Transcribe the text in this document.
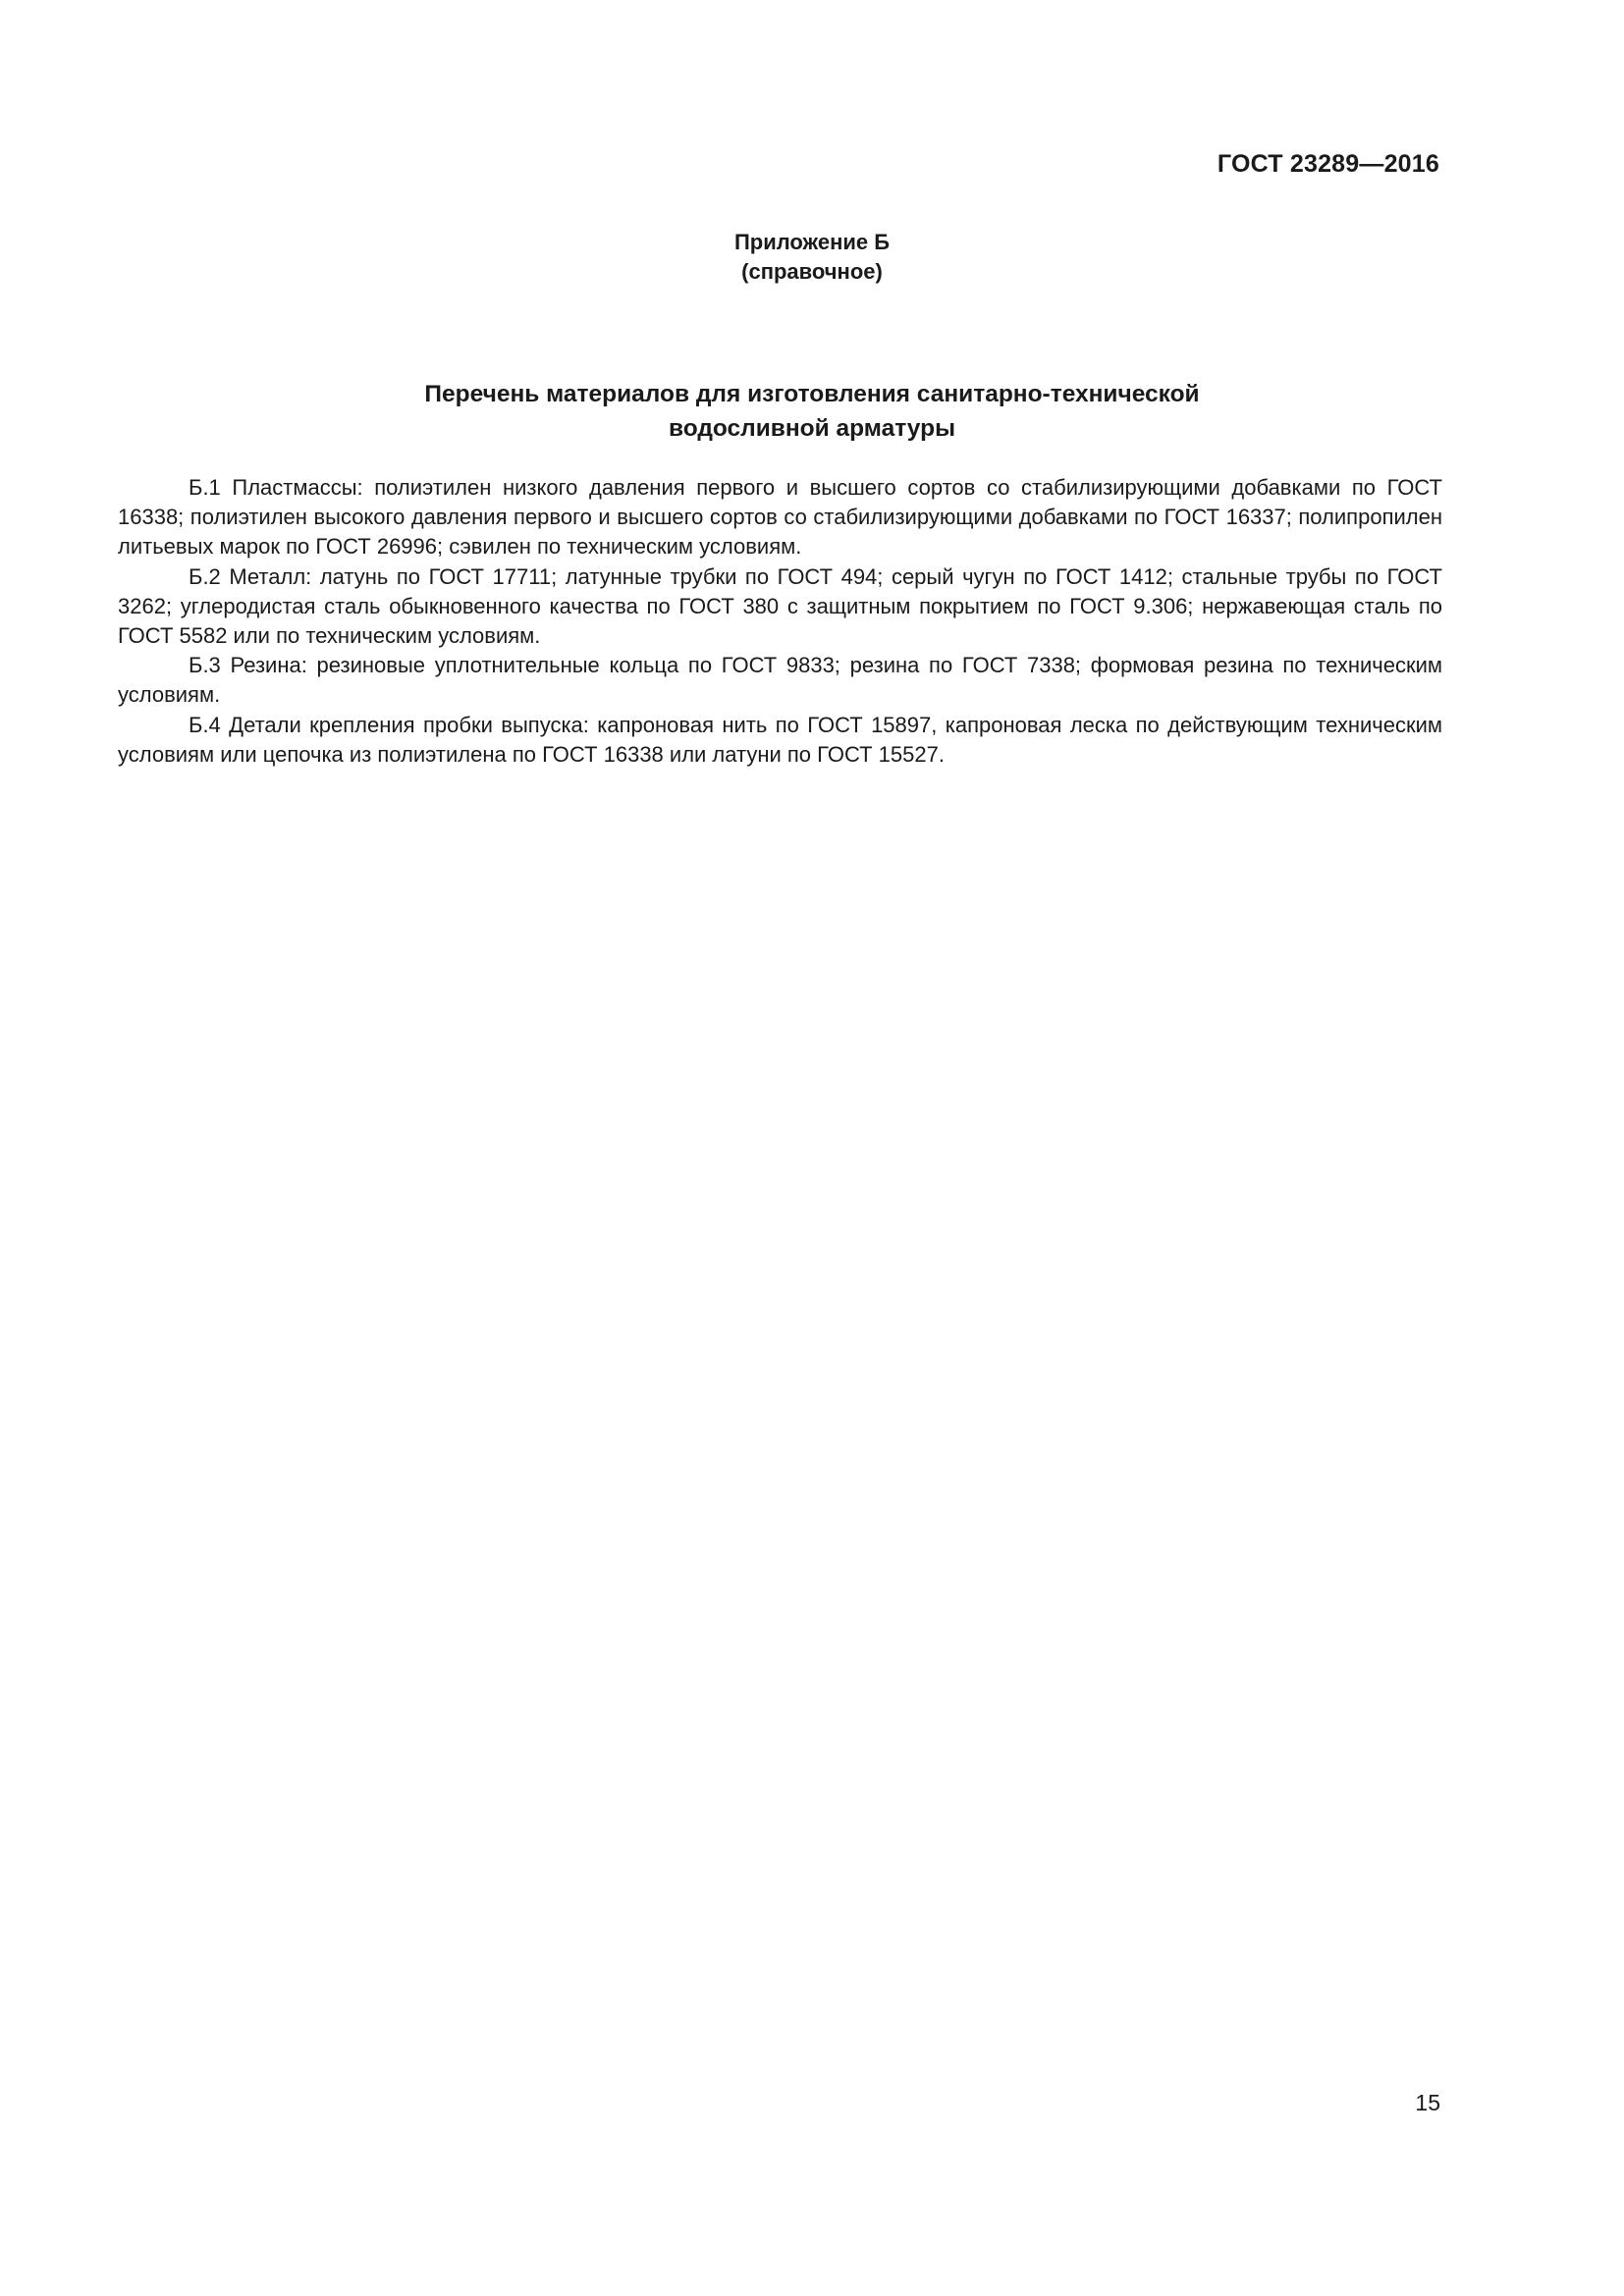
ГОСТ 23289—2016
Приложение Б
(справочное)
Перечень материалов для изготовления санитарно-технической
водосливной арматуры

Б.1 Пластмассы: полиэтилен низкого давления первого и высшего сортов со стабилизирующими добавками по ГОСТ 16338; полиэтилен высокого давления первого и высшего сортов со стабилизирующими добавками по ГОСТ 16337; полипропилен литьевых марок по ГОСТ 26996; сэвилен по техническим условиям.

Б.2 Металл: латунь по ГОСТ 17711; латунные трубки по ГОСТ 494; серый чугун по ГОСТ 1412; стальные трубы по ГОСТ 3262; углеродистая сталь обыкновенного качества по ГОСТ 380 с защитным покрытием по ГОСТ 9.306; нержавеющая сталь по ГОСТ 5582 или по техническим условиям.

Б.3 Резина: резиновые уплотнительные кольца по ГОСТ 9833; резина по ГОСТ 7338; формовая резина по техническим условиям.

Б.4 Детали крепления пробки выпуска: капроновая нить по ГОСТ 15897, капроновая леска по действующим техническим условиям или цепочка из полиэтилена по ГОСТ 16338 или латуни по ГОСТ 15527.

15
